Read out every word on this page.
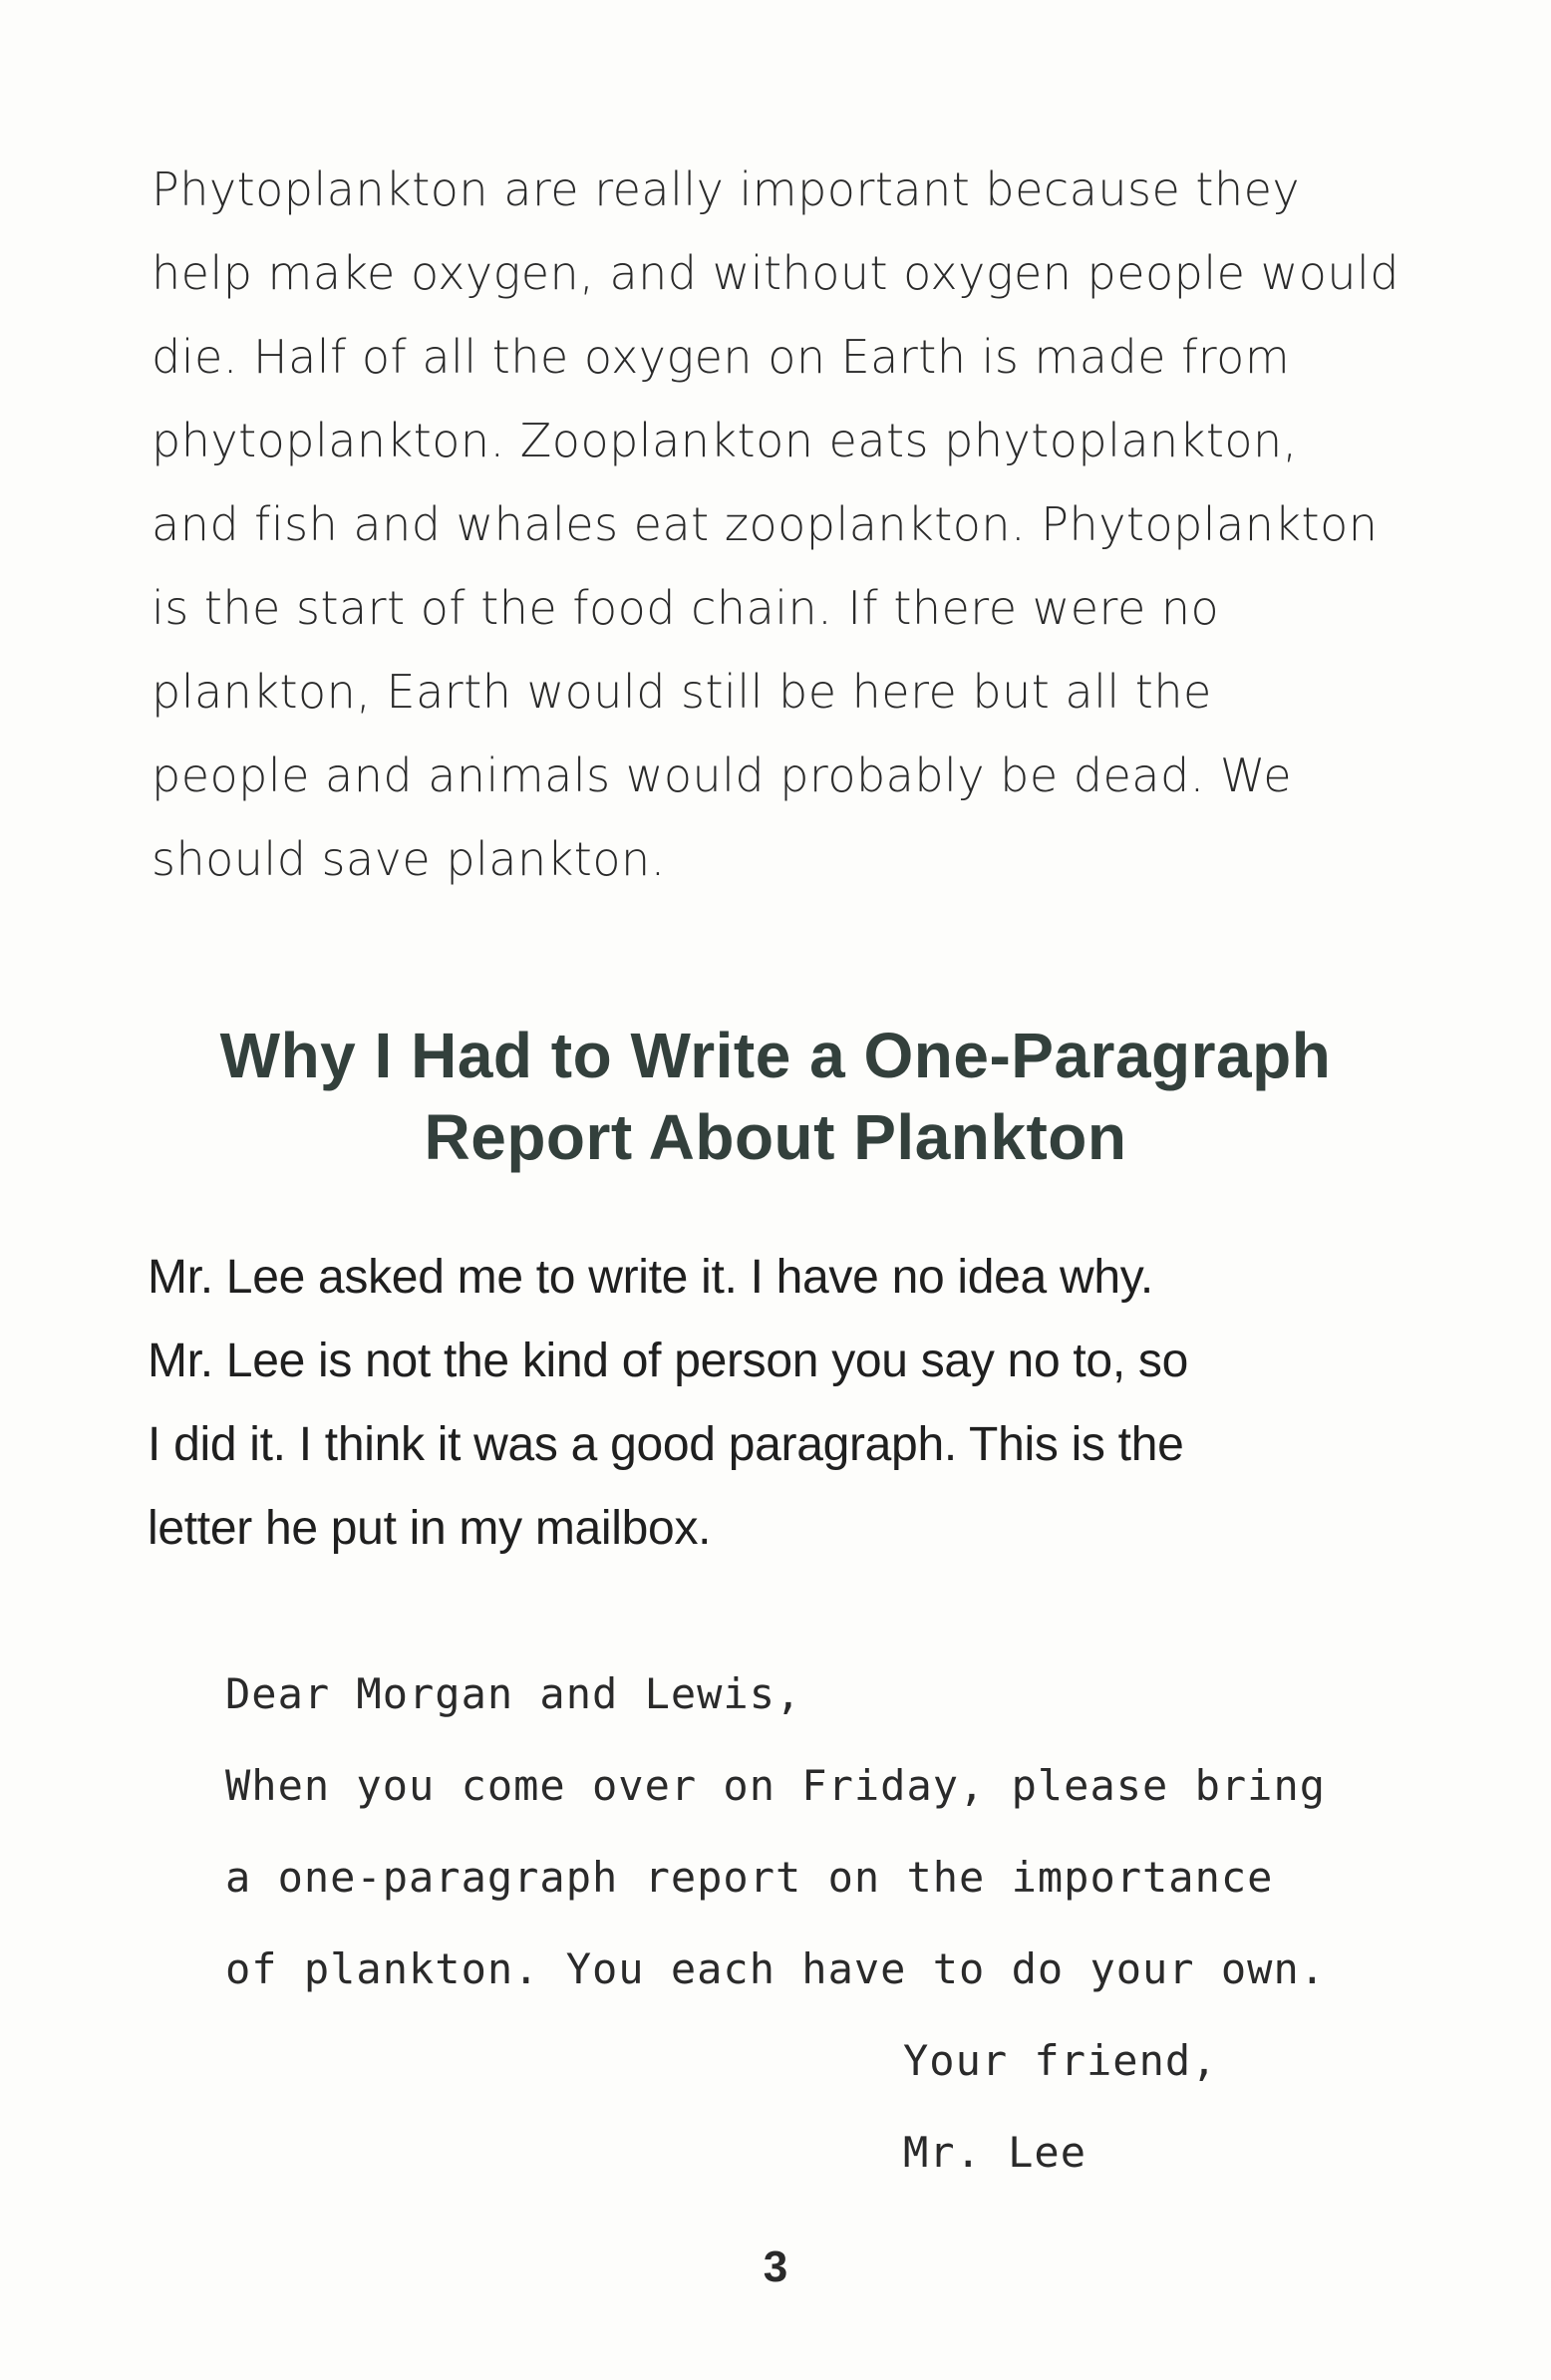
Phytoplankton are really important because they
help make oxygen, and without oxygen people would
die. Half of all the oxygen on Earth is made from
phytoplankton. Zooplankton eats phytoplankton,
and fish and whales eat zooplankton. Phytoplankton
is the start of the food chain. If there were no
plankton, Earth would still be here but all the
people and animals would probably be dead. We
should save plankton.
Why I Had to Write a One-Paragraph
Report About Plankton
Mr. Lee asked me to write it. I have no idea why.
Mr. Lee is not the kind of person you say no to, so
I did it. I think it was a good paragraph. This is the
letter he put in my mailbox.
Dear Morgan and Lewis,
When you come over on Friday, please bring
a one-paragraph report on the importance
of plankton. You each have to do your own.
Your friend,
Mr. Lee
3
